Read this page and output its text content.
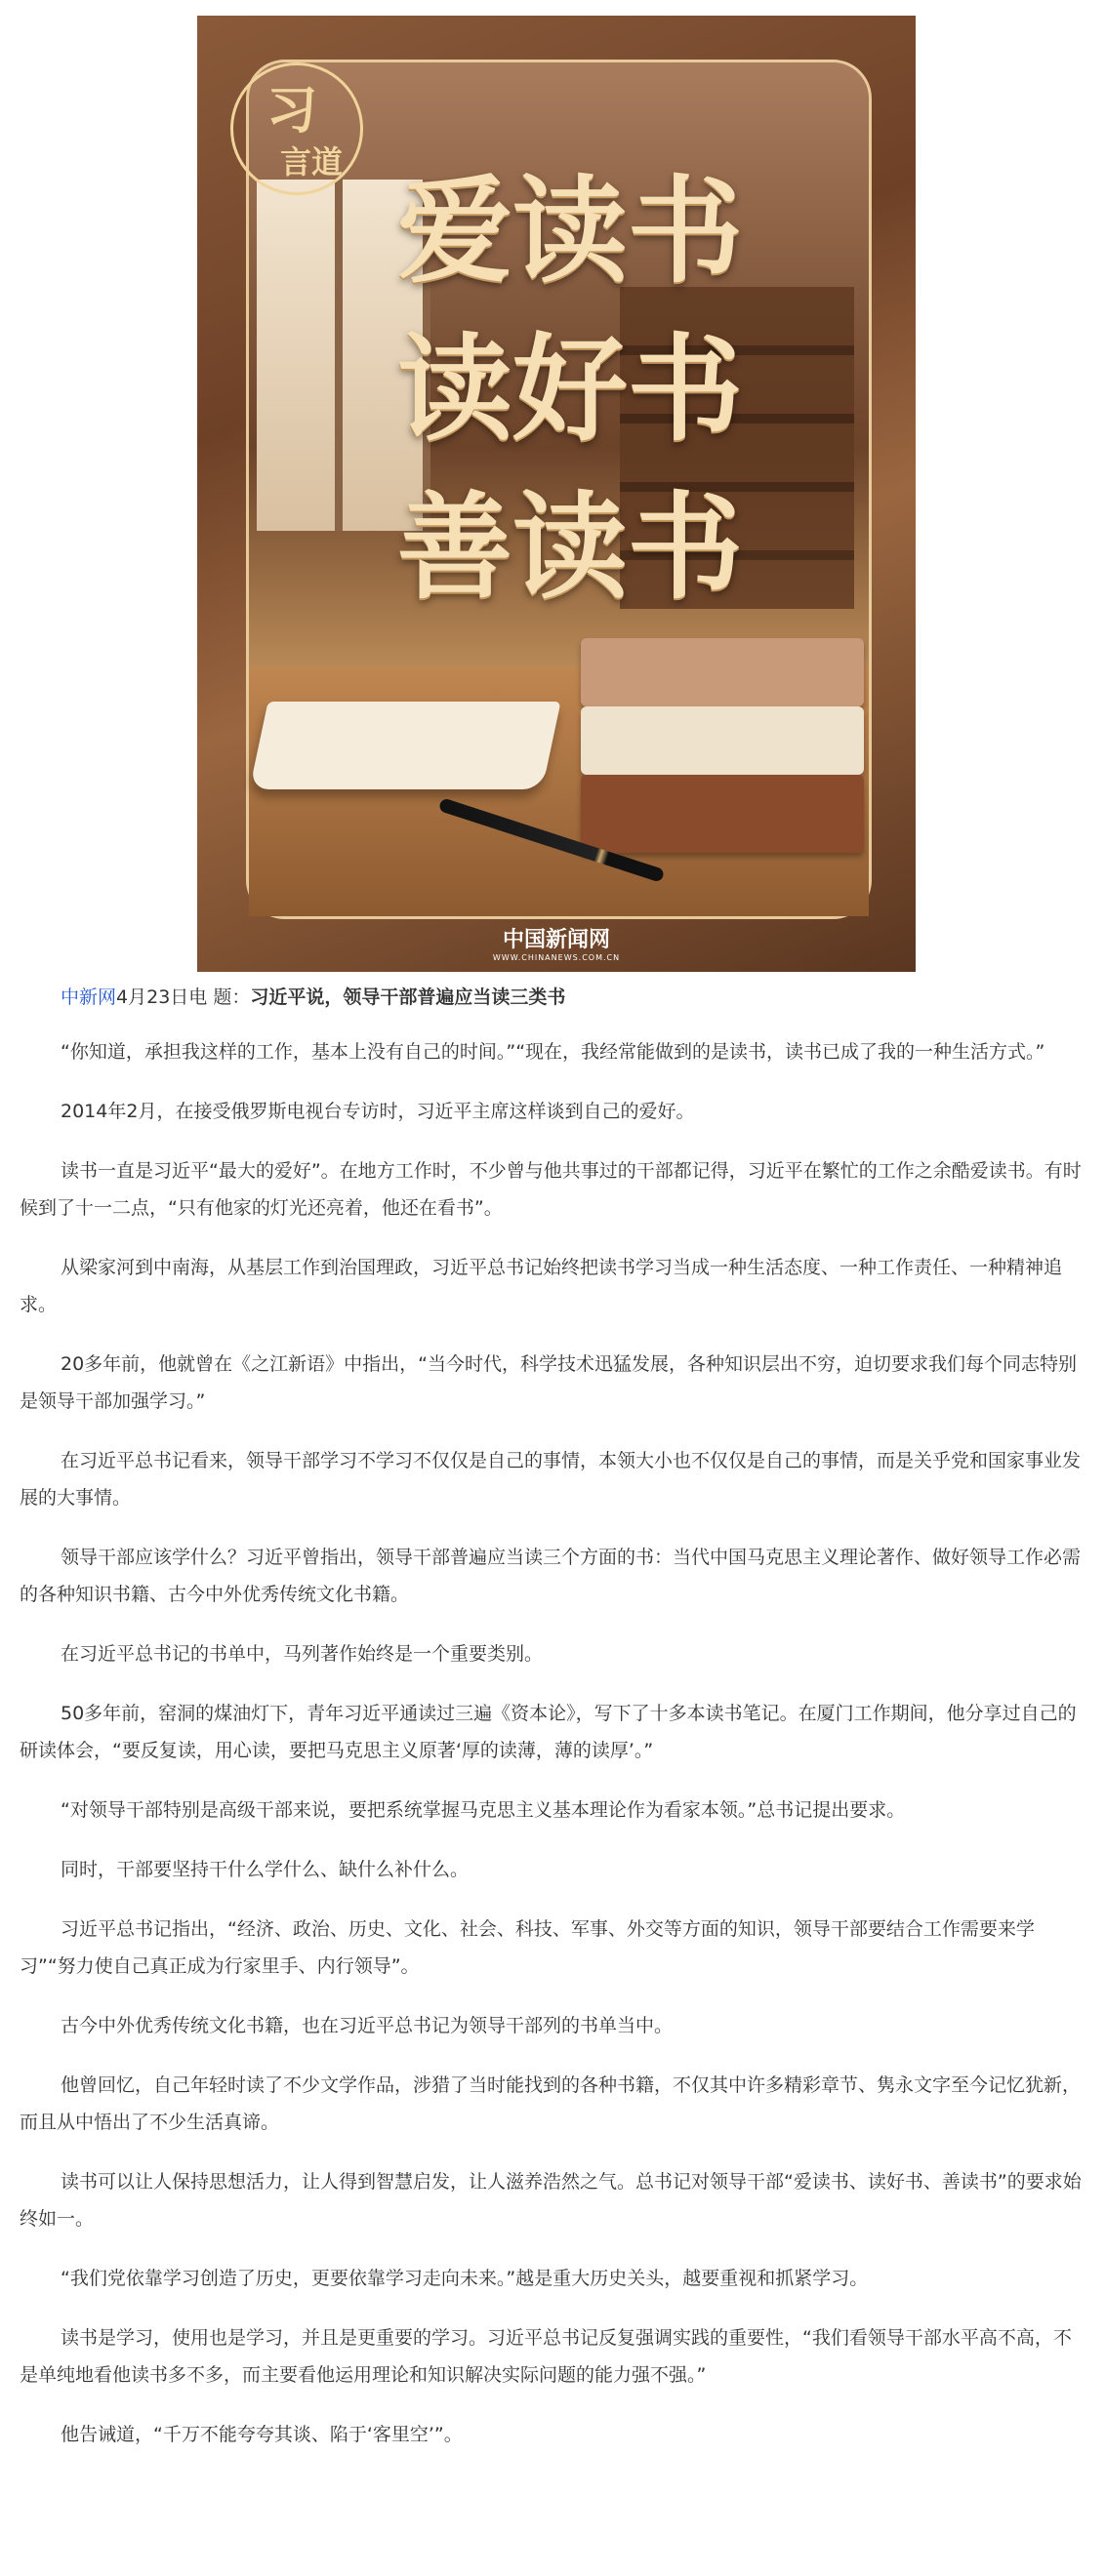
习
言道
爱读书
读好书
善读书
中国新闻网
WWW.CHINANEWS.COM.CN
中新网4月23日电 题：习近平说，领导干部普遍应当读三类书

“你知道，承担我这样的工作，基本上没有自己的时间。”“现在，我经常能做到的是读书，读书已成了我的一种生活方式。”

2014年2月，在接受俄罗斯电视台专访时，习近平主席这样谈到自己的爱好。

读书一直是习近平“最大的爱好”。在地方工作时，不少曾与他共事过的干部都记得，习近平在繁忙的工作之余酷爱读书。有时候到了十一二点，“只有他家的灯光还亮着，他还在看书”。

从梁家河到中南海，从基层工作到治国理政，习近平总书记始终把读书学习当成一种生活态度、一种工作责任、一种精神追求。

20多年前，他就曾在《之江新语》中指出，“当今时代，科学技术迅猛发展，各种知识层出不穷，迫切要求我们每个同志特别是领导干部加强学习。”

在习近平总书记看来，领导干部学习不学习不仅仅是自己的事情，本领大小也不仅仅是自己的事情，而是关乎党和国家事业发展的大事情。

领导干部应该学什么？习近平曾指出，领导干部普遍应当读三个方面的书：当代中国马克思主义理论著作、做好领导工作必需的各种知识书籍、古今中外优秀传统文化书籍。

在习近平总书记的书单中，马列著作始终是一个重要类别。

50多年前，窑洞的煤油灯下，青年习近平通读过三遍《资本论》，写下了十多本读书笔记。在厦门工作期间，他分享过自己的研读体会，“要反复读，用心读，要把马克思主义原著‘厚的读薄，薄的读厚’。”

“对领导干部特别是高级干部来说，要把系统掌握马克思主义基本理论作为看家本领。”总书记提出要求。

同时，干部要坚持干什么学什么、缺什么补什么。

习近平总书记指出，“经济、政治、历史、文化、社会、科技、军事、外交等方面的知识，领导干部要结合工作需要来学习”“努力使自己真正成为行家里手、内行领导”。

古今中外优秀传统文化书籍，也在习近平总书记为领导干部列的书单当中。

他曾回忆，自己年轻时读了不少文学作品，涉猎了当时能找到的各种书籍，不仅其中许多精彩章节、隽永文字至今记忆犹新，而且从中悟出了不少生活真谛。

读书可以让人保持思想活力，让人得到智慧启发，让人滋养浩然之气。总书记对领导干部“爱读书、读好书、善读书”的要求始终如一。

“我们党依靠学习创造了历史，更要依靠学习走向未来。”越是重大历史关头，越要重视和抓紧学习。

读书是学习，使用也是学习，并且是更重要的学习。习近平总书记反复强调实践的重要性，“我们看领导干部水平高不高，不是单纯地看他读书多不多，而主要看他运用理论和知识解决实际问题的能力强不强。”

他告诫道，“千万不能夸夸其谈、陷于‘客里空’”。
